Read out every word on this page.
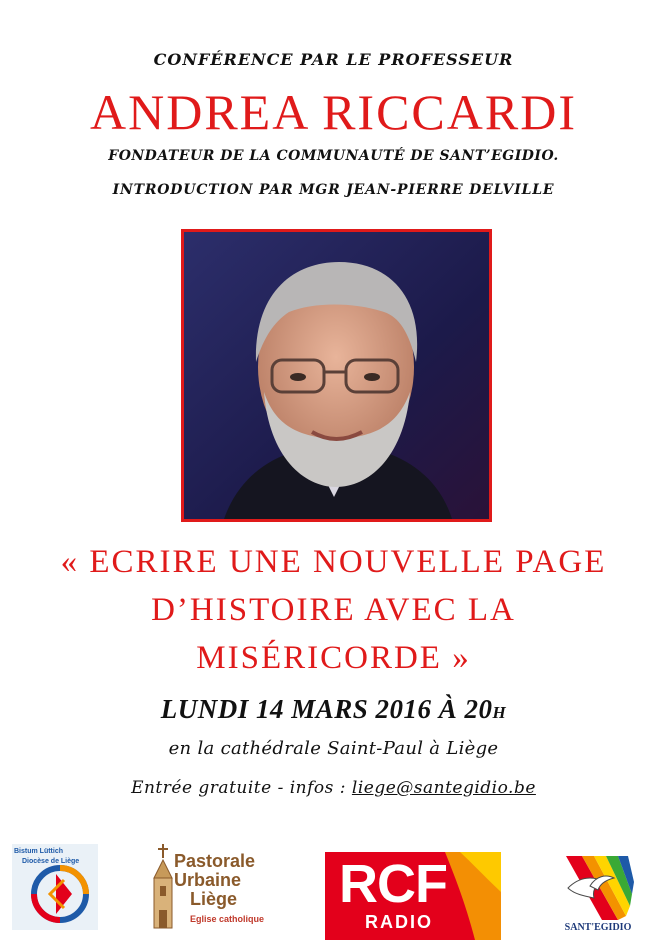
CONFÉRENCE PAR LE PROFESSEUR
ANDREA RICCARDI
FONDATEUR DE LA COMMUNAUTÉ DE SANT’EGIDIO.
INTRODUCTION PAR MGR JEAN-PIERRE DELVILLE
« ECRIRE UNE NOUVELLE PAGE
D’HISTOIRE AVEC LA
MISÉRICORDE »
LUNDI 14 MARS 2016 À 20H
en la cathédrale Saint-Paul à Liège
Entrée gratuite - infos : liege@santegidio.be
Bistum Lüttich
Diocèse de Liège	Pastorale
Urbaine
Liège
Eglise catholique
RCF
RADIO	SANT'EGIDIO
